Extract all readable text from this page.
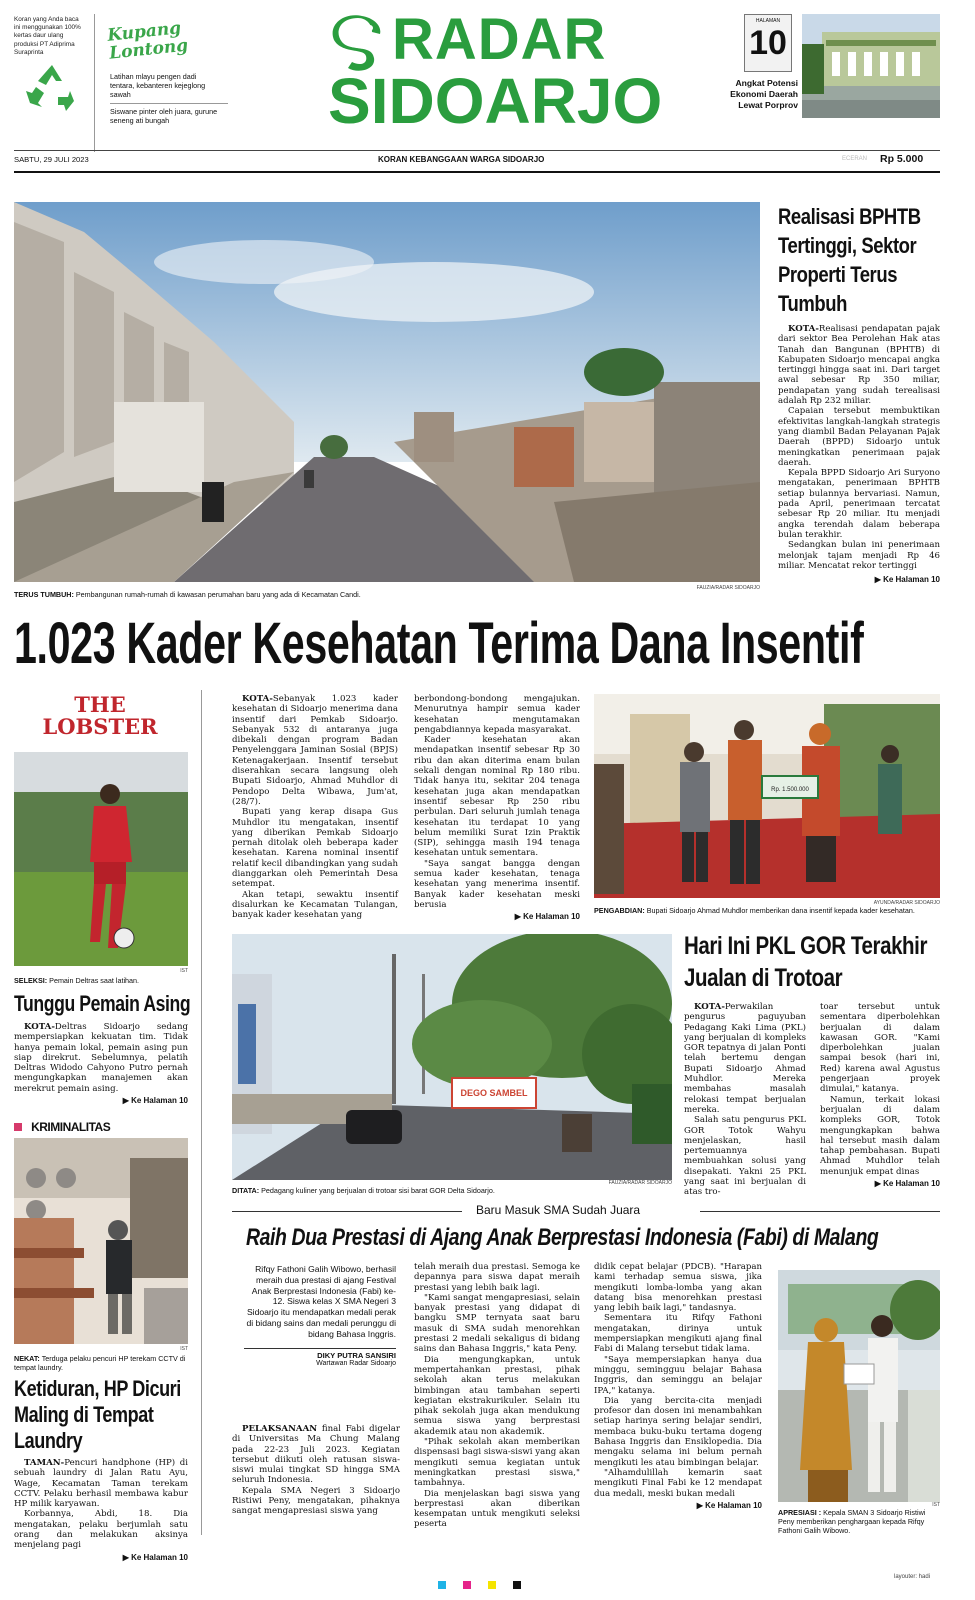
Koran yang Anda baca ini menggunakan 100% kertas daur ulang produksi PT Adiprima Suraprinta
Kupang Lontong
Latihan mlayu pengen dadi tentara, kebanteren kejeglong sawah
Siswane pinter oleh juara, gurune seneng ati bungah
RADAR
SIDOARJO
HALAMAN
10
Angkat Potensi Ekonomi Daerah Lewat Porprov
SABTU, 29 JULI 2023	KORAN KEBANGGAAN WARGA SIDOARJO	ECERAN Rp 5.000
TERUS TUMBUH: Pembangunan rumah-rumah di kawasan perumahan baru yang ada di Kecamatan Candi.
FAUZIA/RADAR SIDOARJO
Realisasi BPHTB Tertinggi, Sektor Properti Terus Tumbuh

KOTA-Realisasi pendapatan pajak dari sektor Bea Perolehan Hak atas Tanah dan Bangunan (BPHTB) di Kabupaten Sidoarjo mencapai angka tertinggi hingga saat ini. Dari target awal sebesar Rp 350 miliar, pendapatan yang sudah terealisasi adalah Rp 232 miliar.

Capaian tersebut membuktikan efektivitas langkah-langkah strategis yang diambil Badan Pelayanan Pajak Daerah (BPPD) Sidoarjo untuk meningkatkan penerimaan pajak daerah.

Kepala BPPD Sidoarjo Ari Suryono mengatakan, penerimaan BPHTB setiap bulannya bervariasi. Namun, pada April, penerimaan tercatat sebesar Rp 20 miliar. Itu menjadi angka terendah dalam beberapa bulan terakhir.

Sedangkan bulan ini penerimaan melonjak tajam menjadi Rp 46 miliar. Mencatat rekor tertinggi

▶ Ke Halaman 10
1.023 Kader Kesehatan Terima Dana Insentif
THE
LOBSTER
SELEKSI: Pemain Deltras saat latihan.
IST
Tunggu Pemain Asing

KOTA-Deltras Sidoarjo sedang mempersiapkan kekuatan tim. Tidak hanya pemain lokal, pemain asing pun siap direkrut. Sebelumnya, pelatih Deltras Widodo Cahyono Putro pernah mengungkapkan manajemen akan merekrut pemain asing.

▶ Ke Halaman 10
KRIMINALITAS
NEKAT: Terduga pelaku pencuri HP terekam CCTV di tempat laundry.
IST
Ketiduran, HP Dicuri Maling di Tempat Laundry

TAMAN-Pencuri handphone (HP) di sebuah laundry di Jalan Ratu Ayu, Wage, Kecamatan Taman terekam CCTV. Pelaku berhasil membawa kabur HP milik karyawan.

Korbannya, Abdi, 18. Dia mengatakan, pelaku berjumlah satu orang dan melakukan aksinya menjelang pagi

▶ Ke Halaman 10

KOTA-Sebanyak 1.023 kader kesehatan di Sidoarjo menerima dana insentif dari Pemkab Sidoarjo. Sebanyak 532 di antaranya juga dibekali dengan program Badan Penyelenggara Jaminan Sosial (BPJS) Ketenagakerjaan. Insentif tersebut diserahkan secara langsung oleh Bupati Sidoarjo, Ahmad Muhdlor di Pendopo Delta Wibawa, Jum'at, (28/7).

Bupati yang kerap disapa Gus Muhdlor itu mengatakan, insentif yang diberikan Pemkab Sidoarjo pernah ditolak oleh beberapa kader kesehatan. Karena nominal insentif relatif kecil dibandingkan yang sudah dianggarkan oleh Pemerintah Desa setempat.

Akan tetapi, sewaktu insentif disalurkan ke Kecamatan Tulangan, banyak kader kesehatan yang

berbondong-bondong mengajukan. Menurutnya hampir semua kader kesehatan mengutamakan pengabdiannya kepada masyarakat.

Kader kesehatan akan mendapatkan insentif sebesar Rp 30 ribu dan akan diterima enam bulan sekali dengan nominal Rp 180 ribu. Tidak hanya itu, sekitar 204 tenaga kesehatan juga akan mendapatkan insentif sebesar Rp 250 ribu perbulan. Dari seluruh jumlah tenaga kesehatan itu terdapat 10 yang belum memiliki Surat Izin Praktik (SIP), sehingga masih 194 tenaga kesehatan untuk sementara.

"Saya sangat bangga dengan semua kader kesehatan, tenaga kesehatan yang menerima insentif. Banyak kader kesehatan meski berusia

▶ Ke Halaman 10
Rp. 1.500.000
AYUNDA/RADAR SIDOARJO
PENGABDIAN: Bupati Sidoarjo Ahmad Muhdlor memberikan dana insentif kepada kader kesehatan.
DEGO SAMBEL
DITATA: Pedagang kuliner yang berjualan di trotoar sisi barat GOR Delta Sidoarjo.
FAUZIA/RADAR SIDOARJO
Hari Ini PKL GOR Terakhir Jualan di Trotoar

KOTA-Perwakilan pengurus paguyuban Pedagang Kaki Lima (PKL) yang berjualan di kompleks GOR tepatnya di jalan Ponti telah bertemu dengan Bupati Sidoarjo Ahmad Muhdlor. Mereka membahas masalah relokasi tempat berjualan mereka.

Salah satu pengurus PKL GOR Totok Wahyu menjelaskan, hasil pertemuannya membuahkan solusi yang disepakati. Yakni 25 PKL yang saat ini berjualan di atas tro-

toar tersebut untuk sementara diperbolehkan berjualan di dalam kawasan GOR. "Kami diperbolehkan jualan sampai besok (hari ini, Red) karena awal Agustus pengerjaan proyek dimulai," katanya.

Namun, terkait lokasi berjualan di dalam kompleks GOR, Totok mengungkapkan bahwa hal tersebut masih dalam tahap pembahasan. Bupati Ahmad Muhdlor telah menunjuk empat dinas

▶ Ke Halaman 10
Baru Masuk SMA Sudah Juara
Raih Dua Prestasi di Ajang Anak Berprestasi Indonesia (Fabi) di Malang
Rifqy Fathoni Galih Wibowo, berhasil meraih dua prestasi di ajang Festival Anak Berprestasi Indonesia (Fabi) ke-12. Siswa kelas X SMA Negeri 3 Sidoarjo itu mendapatkan medali perak di bidang sains dan medali perunggu di bidang Bahasa Inggris.
DIKY PUTRA SANSIRI
Wartawan Radar Sidoarjo

PELAKSANAAN final Fabi digelar di Universitas Ma Chung Malang pada 22-23 Juli 2023. Kegiatan tersebut diikuti oleh ratusan siswa-siswi mulai tingkat SD hingga SMA seluruh Indonesia.

Kepala SMA Negeri 3 Sidoarjo Ristiwi Peny, mengatakan, pihaknya sangat mengapresiasi siswa yang

telah meraih dua prestasi. Semoga ke depannya para siswa dapat meraih prestasi yang lebih baik lagi.

"Kami sangat mengapresiasi, selain banyak prestasi yang didapat di bangku SMP ternyata saat baru masuk di SMA sudah menorehkan prestasi 2 medali sekaligus di bidang sains dan Bahasa Inggris," kata Peny.

Dia mengungkapkan, untuk mempertahankan prestasi, pihak sekolah akan terus melakukan bimbingan atau tambahan seperti kegiatan ekstrakurikuler. Selain itu pihak sekolah juga akan mendukung semua siswa yang berprestasi akademik atau non akademik.

"Pihak sekolah akan memberikan dispensasi bagi siswa-siswi yang akan mengikuti semua kegiatan untuk meningkatkan prestasi siswa," tambahnya.

Dia menjelaskan bagi siswa yang berprestasi akan diberikan kesempatan untuk mengikuti seleksi peserta

didik cepat belajar (PDCB). "Harapan kami terhadap semua siswa, jika mengikuti lomba-lomba yang akan datang bisa menorehkan prestasi yang lebih baik lagi," tandasnya.

Sementara itu Rifqy Fathoni mengatakan, dirinya untuk mempersiapkan mengikuti ajang final Fabi di Malang tersebut tidak lama.

"Saya mempersiapkan hanya dua minggu, semingguu belajar Bahasa Inggris, dan seminggu an belajar IPA," katanya.

Dia yang bercita-cita menjadi profesor dan dosen ini menambahkan setiap harinya sering belajar sendiri, membaca buku-buku tertama dogeng Bahasa Inggris dan Ensiklopedia. Dia mengaku selama ini belum pernah mengikuti les atau bimbingan belajar.

"Alhamdulillah kemarin saat mengikuti Final Fabi ke 12 mendapat dua medali, meski bukan medali

▶ Ke Halaman 10
APRESIASI : Kepala SMAN 3 Sidoarjo Ristiwi Peny memberikan penghargaan kepada Rifqy Fathoni Galih Wibowo.
IST

layouter: hadi
